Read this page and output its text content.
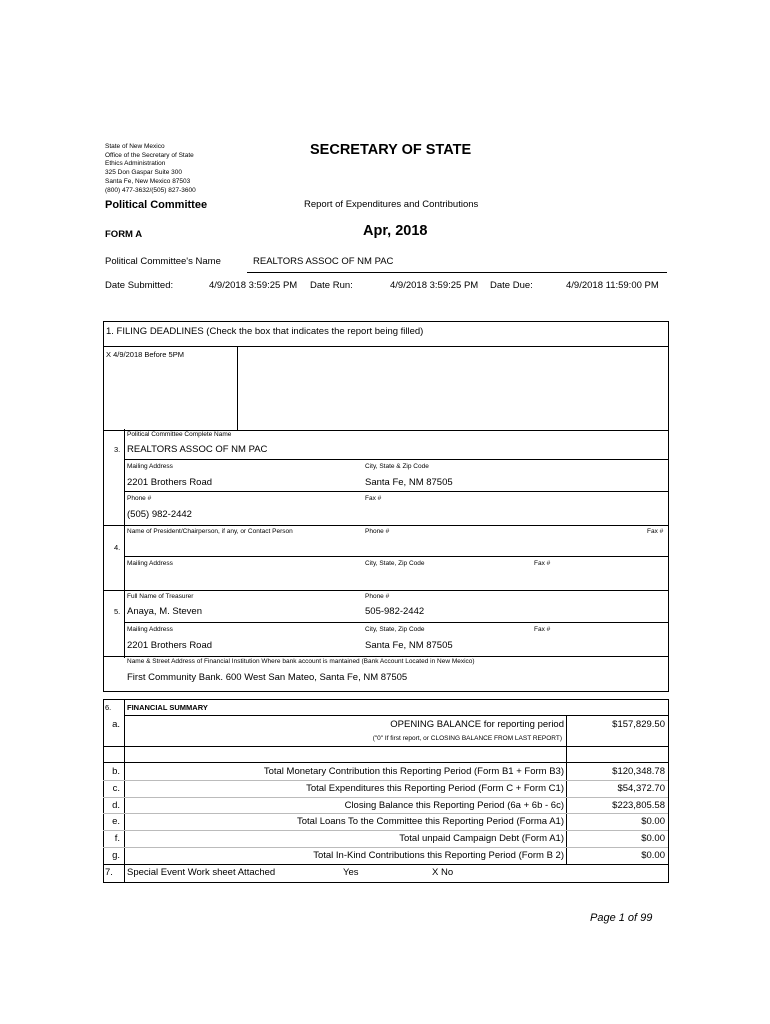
State of New Mexico
Office of the Secretary of State
Ethics Administration
325 Don Gaspar Suite 300
Santa Fe, New Mexico 87503
(800) 477-3632/(505) 827-3600
SECRETARY OF STATE
Political Committee	Report of Expenditures and Contributions
FORM A	Apr, 2018
Political Committee's Name	REALTORS ASSOC OF NM PAC
Date Submitted:	4/9/2018 3:59:25 PM Date Run:	4/9/2018 3:59:25 PM Date Due:	4/9/2018 11:59:00 PM
1. FILING DEADLINES (Check the box that indicates the report being filled)
X 4/9/2018 Before 5PM
3.
Political Committee Complete Name
REALTORS ASSOC OF NM PAC
Mailing Address
2201 Brothers Road
City, State & Zip Code
Santa Fe, NM 87505
Phone #
(505) 982-2442
Fax #
4.
Name of President/Chairperson, if any, or Contact Person	Phone #	Fax #
Mailing Address	City, State, Zip Code	Fax #
5.
Full Name of Treasurer
Anaya, M. Steven
Phone #
505-982-2442
Mailing Address
2201 Brothers Road
City, State, Zip Code
Santa Fe, NM 87505
Fax #
Name & Street Address of Financial Institution Where bank account is mantained (Bank Account Located in New Mexico)
First Community Bank. 600 West San Mateo, Santa Fe, NM 87505
6. FINANCIAL SUMMARY
a.	OPENING BALANCE for reporting period	$157,829.50
("0" If first report, or CLOSING BALANCE FROM LAST REPORT)
b.	Total Monetary Contribution this Reporting Period (Form B1 + Form B3)	$120,348.78
c.	Total Expenditures this Reporting Period (Form C + Form C1)	$54,372.70
d.	Closing Balance this Reporting Period (6a + 6b - 6c)	$223,805.58
e.	Total Loans To the Committee this Reporting Period (Forma A1)	$0.00
f.	Total unpaid Campaign Debt (Form A1)	$0.00
g.	Total In-Kind Contributions this Reporting Period (Form B 2)	$0.00
7. Special Event Work sheet Attached	Yes	X No
Page 1 of 99
